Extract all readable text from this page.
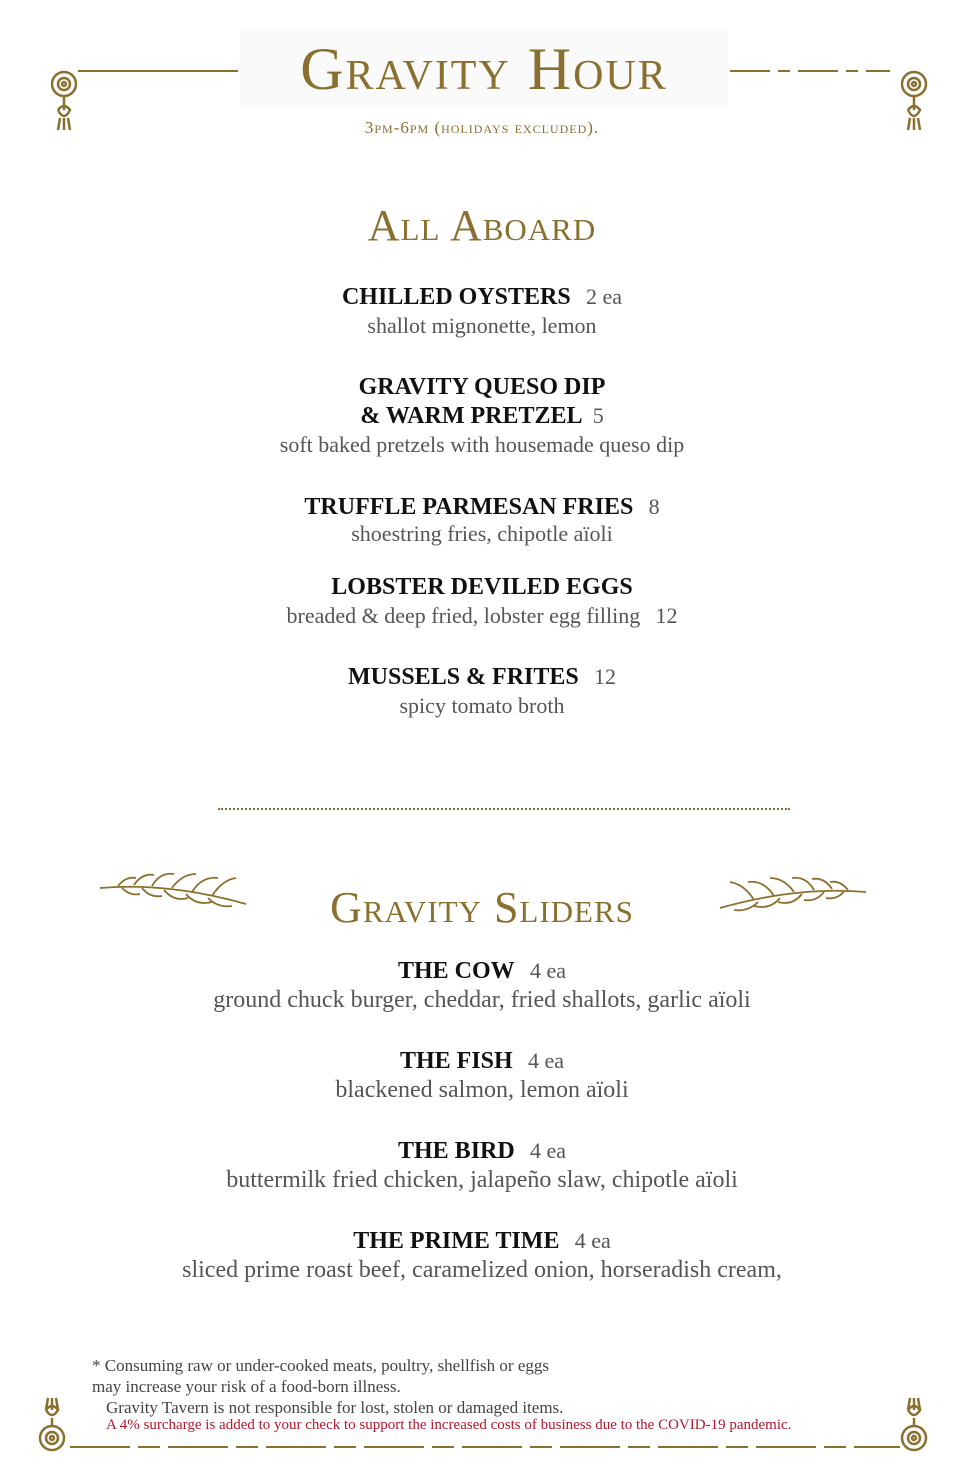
Gravity Hour
3pm-6pm (holidays excluded).
All Aboard
CHILLED OYSTERS 2 ea
shallot mignonette, lemon
GRAVITY QUESO DIP
& WARM PRETZEL 5
soft baked pretzels with housemade queso dip
TRUFFLE PARMESAN FRIES 8
shoestring fries, chipotle aïoli
LOBSTER DEVILED EGGS
breaded & deep fried, lobster egg filling 12
MUSSELS & FRITES 12
spicy tomato broth
Gravity Sliders
THE COW 4 ea
ground chuck burger, cheddar, fried shallots, garlic aïoli
THE FISH 4 ea
blackened salmon, lemon aïoli
THE BIRD 4 ea
buttermilk fried chicken, jalapeño slaw, chipotle aïoli
THE PRIME TIME 4 ea
sliced prime roast beef, caramelized onion, horseradish cream,
* Consuming raw or under-cooked meats, poultry, shellfish or eggs
may increase your risk of a food-born illness.
Gravity Tavern is not responsible for lost, stolen or damaged items.
A 4% surcharge is added to your check to support the increased costs of business due to the COVID-19 pandemic.
